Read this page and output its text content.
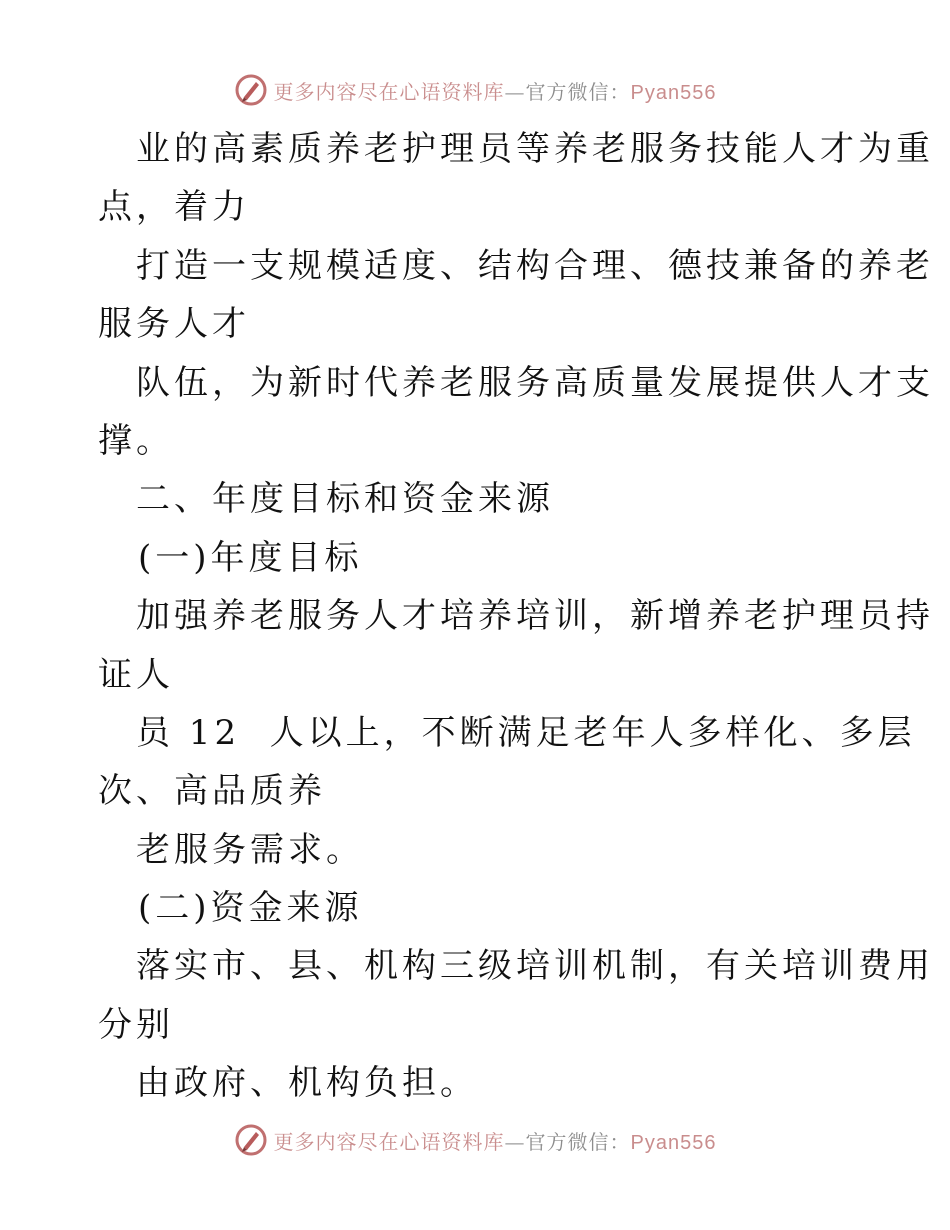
更多内容尽在心语资料库—官方微信：Pyan556
业的高素质养老护理员等养老服务技能人才为重
点，着力
打造一支规模适度、结构合理、德技兼备的养老
服务人才
队伍，为新时代养老服务高质量发展提供人才支
撑。
二、年度目标和资金来源
(一)年度目标
加强养老服务人才培养培训，新增养老护理员持
证人
员 12  人以上，不断满足老年人多样化、多层
次、高品质养
老服务需求。
(二)资金来源
落实市、县、机构三级培训机制，有关培训费用
分别
由政府、机构负担。
更多内容尽在心语资料库—官方微信：Pyan556
